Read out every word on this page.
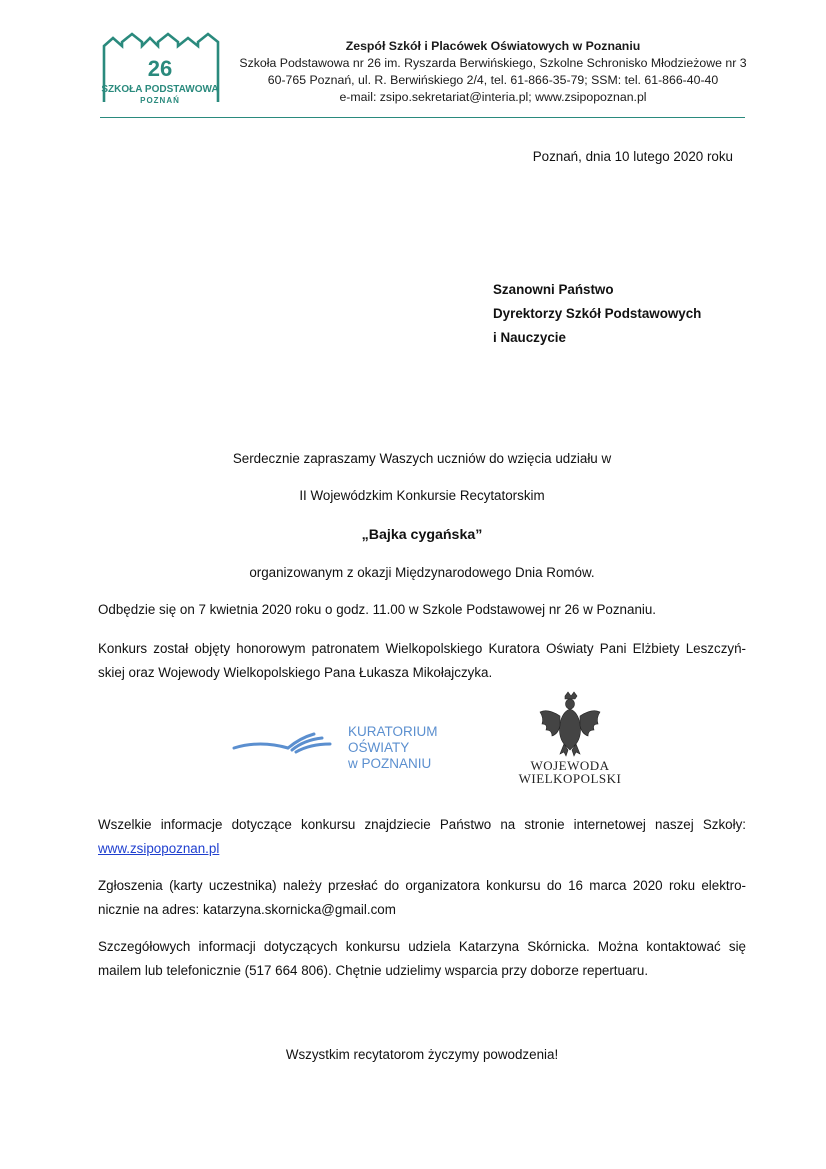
26
SZKOŁA PODSTAWOWA
POZNAŃ
Zespół Szkół i Placówek Oświatowych w Poznaniu
Szkoła Podstawowa nr 26 im. Ryszarda Berwińskiego, Szkolne Schronisko Młodzieżowe nr 3
60-765 Poznań, ul. R. Berwińskiego 2/4, tel. 61-866-35-79; SSM: tel. 61-866-40-40
e-mail: zsipo.sekretariat@interia.pl; www.zsipopoznan.pl
Poznań, dnia 10 lutego 2020 roku
Szanowni Państwo
Dyrektorzy Szkół Podstawowych
i Nauczycie
Serdecznie zapraszamy Waszych uczniów do wzięcia udziału w
II Wojewódzkim Konkursie Recytatorskim
„Bajka cygańska”
organizowanym z okazji Międzynarodowego Dnia Romów.
Odbędzie się on 7 kwietnia 2020 roku o godz. 11.00 w Szkole Podstawowej nr 26 w Poznaniu.
Konkurs został objęty honorowym patronatem Wielkopolskiego Kuratora Oświaty Pani Elżbiety Leszczyń-skiej oraz Wojewody Wielkopolskiego Pana Łukasza Mikołajczyka.
KURATORIUM
OŚWIATY
w POZNANIU	WOJEWODA
WIELKOPOLSKI
Wszelkie informacje dotyczące konkursu znajdziecie Państwo na stronie internetowej naszej Szkoły:
www.zsipopoznan.pl
Zgłoszenia (karty uczestnika) należy przesłać do organizatora konkursu do 16 marca 2020 roku elektro-nicznie na adres: katarzyna.skornicka@gmail.com
Szczegółowych informacji dotyczących konkursu udziela Katarzyna Skórnicka. Można kontaktować się mailem lub telefonicznie (517 664 806). Chętnie udzielimy wsparcia przy doborze repertuaru.
Wszystkim recytatorom życzymy powodzenia!
